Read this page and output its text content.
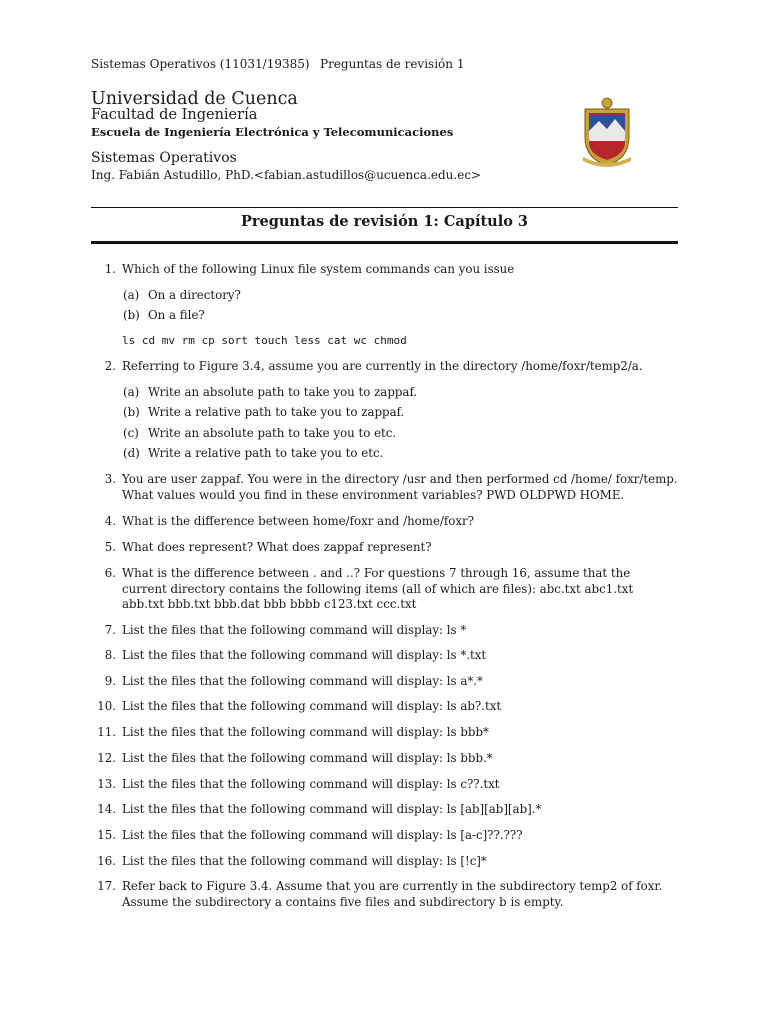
Sistemas Operativos (11031/19385) Preguntas de revisión 1
Universidad de Cuenca
Facultad de Ingeniería
Escuela de Ingeniería Electrónica y Telecomunicaciones
Sistemas Operativos
Ing. Fabián Astudillo, PhD.<fabian.astudillos@ucuenca.edu.ec>
Preguntas de revisión 1: Capítulo 3
1. Which of the following Linux file system commands can you issue
(a) On a directory?
(b) On a file?
ls cd mv rm cp sort touch less cat wc chmod
2. Referring to Figure 3.4, assume you are currently in the directory /home/foxr/temp2/a.
(a) Write an absolute path to take you to zappaf.
(b) Write a relative path to take you to zappaf.
(c) Write an absolute path to take you to etc.
(d) Write a relative path to take you to etc.
3. You are user zappaf. You were in the directory /usr and then performed cd /home/ foxr/temp. What values would you find in these environment variables? PWD OLDPWD HOME.
4. What is the difference between home/foxr and /home/foxr?
5. What does represent? What does zappaf represent?
6. What is the difference between . and ..? For questions 7 through 16, assume that the current directory contains the following items (all of which are files): abc.txt abc1.txt abb.txt bbb.txt bbb.dat bbb bbbb c123.txt ccc.txt
7. List the files that the following command will display: ls *
8. List the files that the following command will display: ls *.txt
9. List the files that the following command will display: ls a*.*
10. List the files that the following command will display: ls ab?.txt
11. List the files that the following command will display: ls bbb*
12. List the files that the following command will display: ls bbb.*
13. List the files that the following command will display: ls c??.txt
14. List the files that the following command will display: ls [ab][ab][ab].*
15. List the files that the following command will display: ls [a-c]??.???
16. List the files that the following command will display: ls [!c]*
17. Refer back to Figure 3.4. Assume that you are currently in the subdirectory temp2 of foxr. Assume the subdirectory a contains five files and subdirectory b is empty.
